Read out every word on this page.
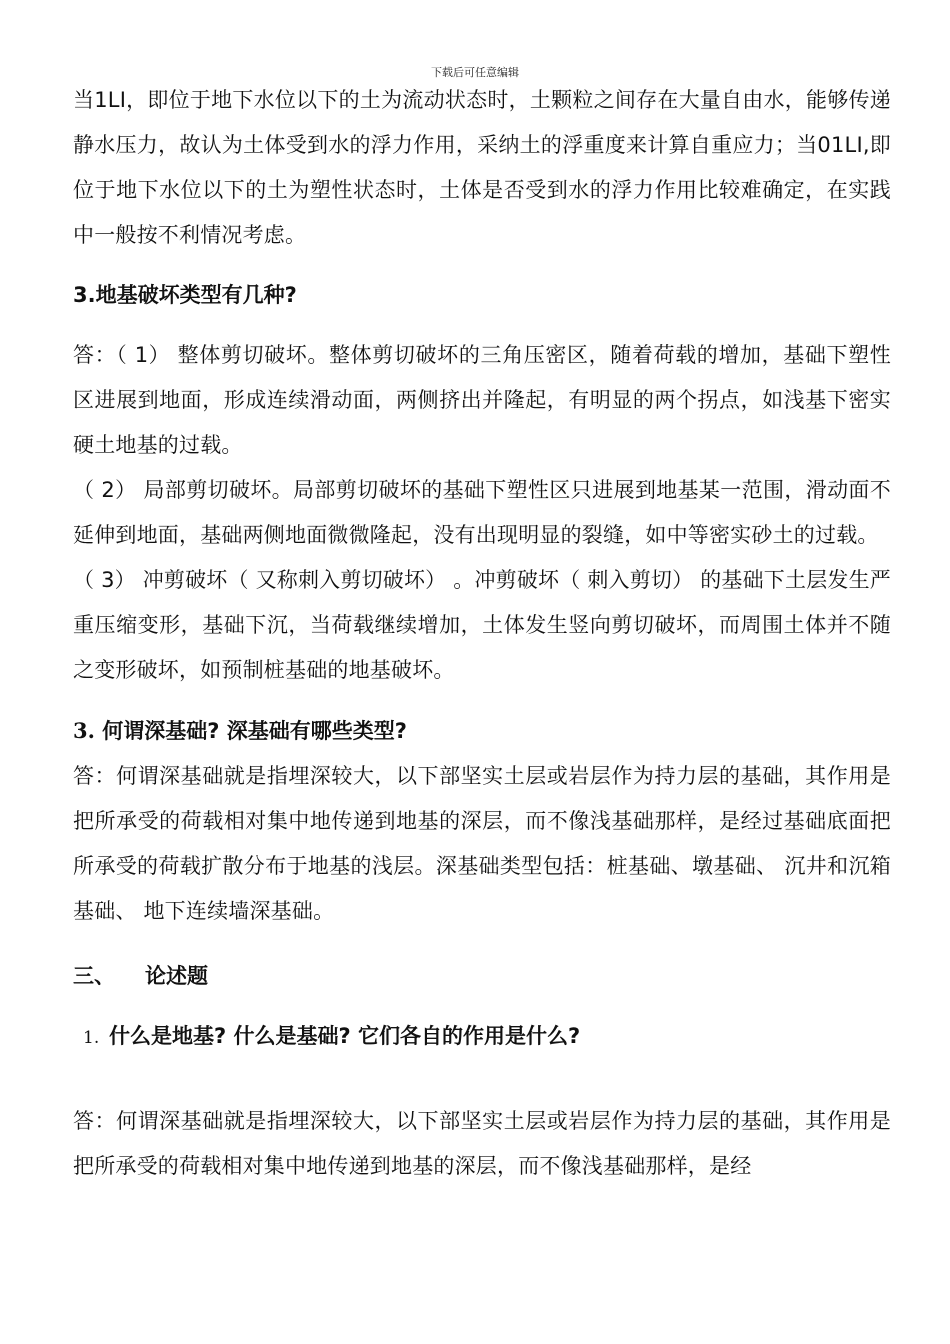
下载后可任意编辑

当1LI，即位于地下水位以下的土为流动状态时，土颗粒之间存在大量自由水，能够传递静水压力，故认为土体受到水的浮力作用，采纳土的浮重度来计算自重应力；当01LI,即位于地下水位以下的土为塑性状态时，土体是否受到水的浮力作用比较难确定，在实践中一般按不利情况考虑。

3.地基破坏类型有几种?

答：（ 1） 整体剪切破坏。整体剪切破坏的三角压密区，随着荷载的增加，基础下塑性区进展到地面，形成连续滑动面，两侧挤出并隆起，有明显的两个拐点，如浅基下密实硬土地基的过载。

（ 2） 局部剪切破坏。局部剪切破坏的基础下塑性区只进展到地基某一范围，滑动面不延伸到地面，基础两侧地面微微隆起，没有出现明显的裂缝，如中等密实砂土的过载。

（ 3） 冲剪破坏（ 又称刺入剪切破坏） 。冲剪破坏（ 刺入剪切） 的基础下土层发生严重压缩变形，基础下沉，当荷载继续增加，土体发生竖向剪切破坏，而周围土体并不随之变形破坏，如预制桩基础的地基破坏。

3. 何谓深基础? 深基础有哪些类型?

答：何谓深基础就是指埋深较大，以下部坚实土层或岩层作为持力层的基础，其作用是把所承受的荷载相对集中地传递到地基的深层，而不像浅基础那样，是经过基础底面把所承受的荷载扩散分布于地基的浅层。深基础类型包括：桩基础、墩基础、 沉井和沉箱基础、 地下连续墙深基础。

三、 论述题

1. 什么是地基? 什么是基础? 它们各自的作用是什么?

答：何谓深基础就是指埋深较大，以下部坚实土层或岩层作为持力层的基础，其作用是把所承受的荷载相对集中地传递到地基的深层，而不像浅基础那样，是经
